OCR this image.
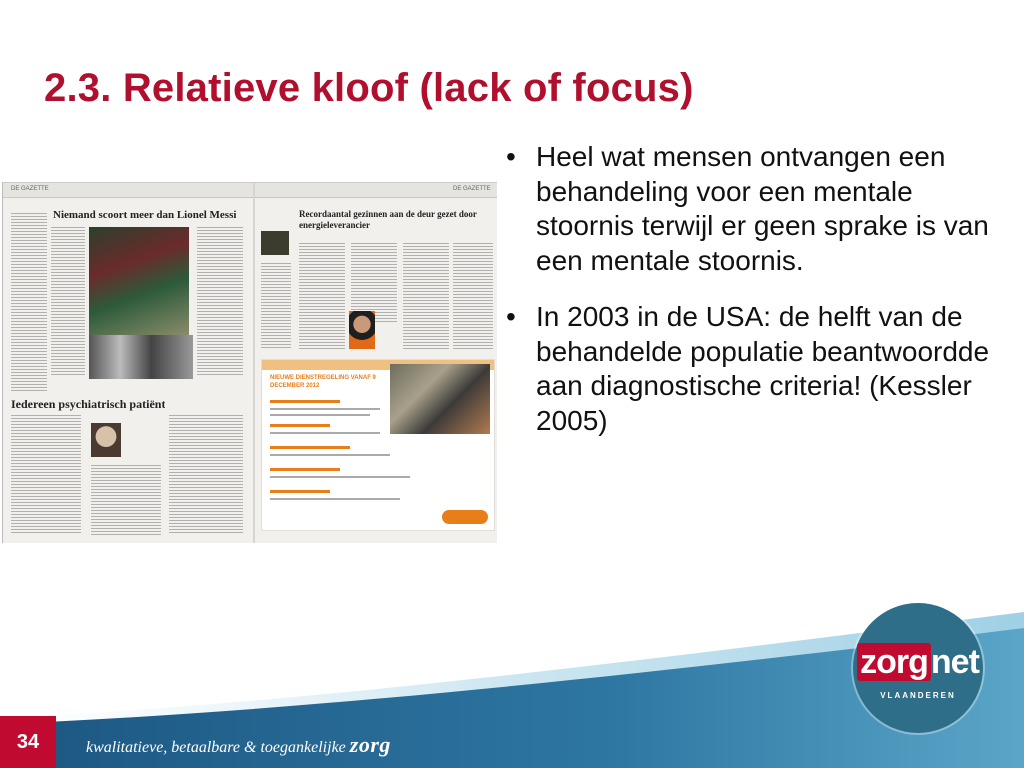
2.3. Relatieve kloof (lack of focus)
DE GAZETTE	DE GAZETTE
Niemand scoort meer dan Lionel Messi
Iedereen psychiatrisch patiënt
Recordaantal gezinnen aan de deur gezet door energieleverancier
NIEUWE DIENSTREGELING VANAF 9 DECEMBER 2012
• Heel wat mensen ontvangen een behandeling voor een mentale stoornis terwijl er geen sprake is van een mentale stoornis.
• In 2003 in de USA: de helft van de behandelde populatie beantwoordde aan diagnostische criteria! (Kessler 2005)
34	kwalitatieve, betaalbare & toegankelijke zorg
zorgnet
VLAANDEREN
